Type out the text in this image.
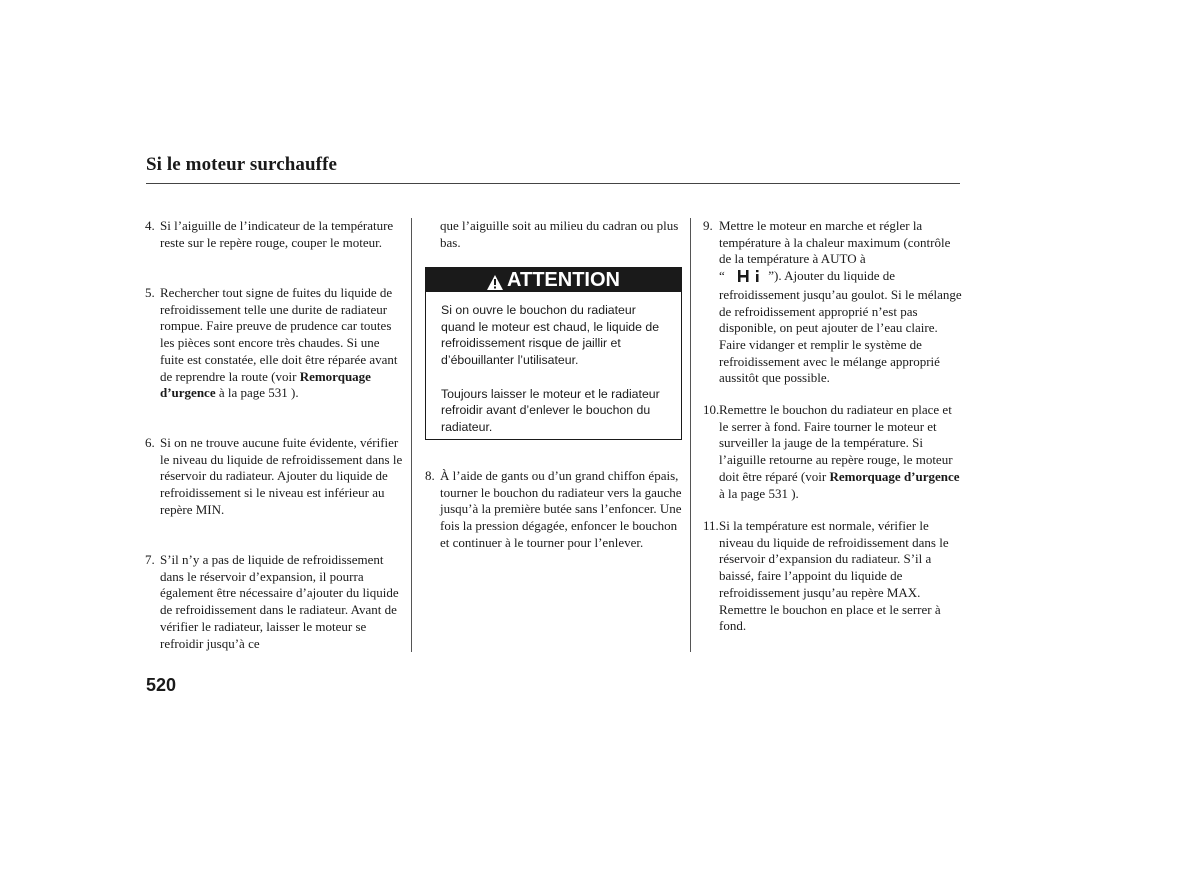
Si le moteur surchauffe
4. Si l’aiguille de l’indicateur de la température reste sur le repère rouge, couper le moteur.
5. Rechercher tout signe de fuites du liquide de refroidissement telle une durite de radiateur rompue. Faire preuve de prudence car toutes les pièces sont encore très chaudes. Si une fuite est constatée, elle doit être réparée avant de reprendre la route (voir Remorquage d’urgence à la page 531 ).
6. Si on ne trouve aucune fuite évidente, vérifier le niveau du liquide de refroidissement dans le réservoir du radiateur. Ajouter du liquide de refroidissement si le niveau est inférieur au repère MIN.
7. S’il n’y a pas de liquide de refroidissement dans le réservoir d’expansion, il pourra également être nécessaire d’ajouter du liquide de refroidissement dans le radiateur. Avant de vérifier le radiateur, laisser le moteur se refroidir jusqu’à ce
que l’aiguille soit au milieu du cadran ou plus bas.
8. À l’aide de gants ou d’un grand chiffon épais, tourner le bouchon du radiateur vers la gauche jusqu’à la première butée sans l’enfoncer. Une fois la pression dégagée, enfoncer le bouchon et continuer à le tourner pour l’enlever.
ATTENTION

Si on ouvre le bouchon du radiateur quand le moteur est chaud, le liquide de refroidissement risque de jaillir et d’ébouillanter l’utilisateur.

Toujours laisser le moteur et le radiateur refroidir avant d’enlever le bouchon du radiateur.

9. Mettre le moteur en marche et régler la température à la chaleur maximum (contrôle de la température à AUTO à
“	”). Ajouter du liquide de refroidissement jusqu’au goulot. Si le mélange de refroidissement approprié n’est pas disponible, on peut ajouter de l’eau claire. Faire vidanger et remplir le système de refroidissement avec le mélange approprié aussitôt que possible.
10. Remettre le bouchon du radiateur en place et le serrer à fond. Faire tourner le moteur et surveiller la jauge de la température. Si l’aiguille retourne au repère rouge, le moteur doit être réparé (voir Remorquage d’urgence à la page 531 ).
11. Si la température est normale, vérifier le niveau du liquide de refroidissement dans le réservoir d’expansion du radiateur. S’il a baissé, faire l’appoint du liquide de refroidissement jusqu’au repère MAX. Remettre le bouchon en place et le serrer à fond.
520
